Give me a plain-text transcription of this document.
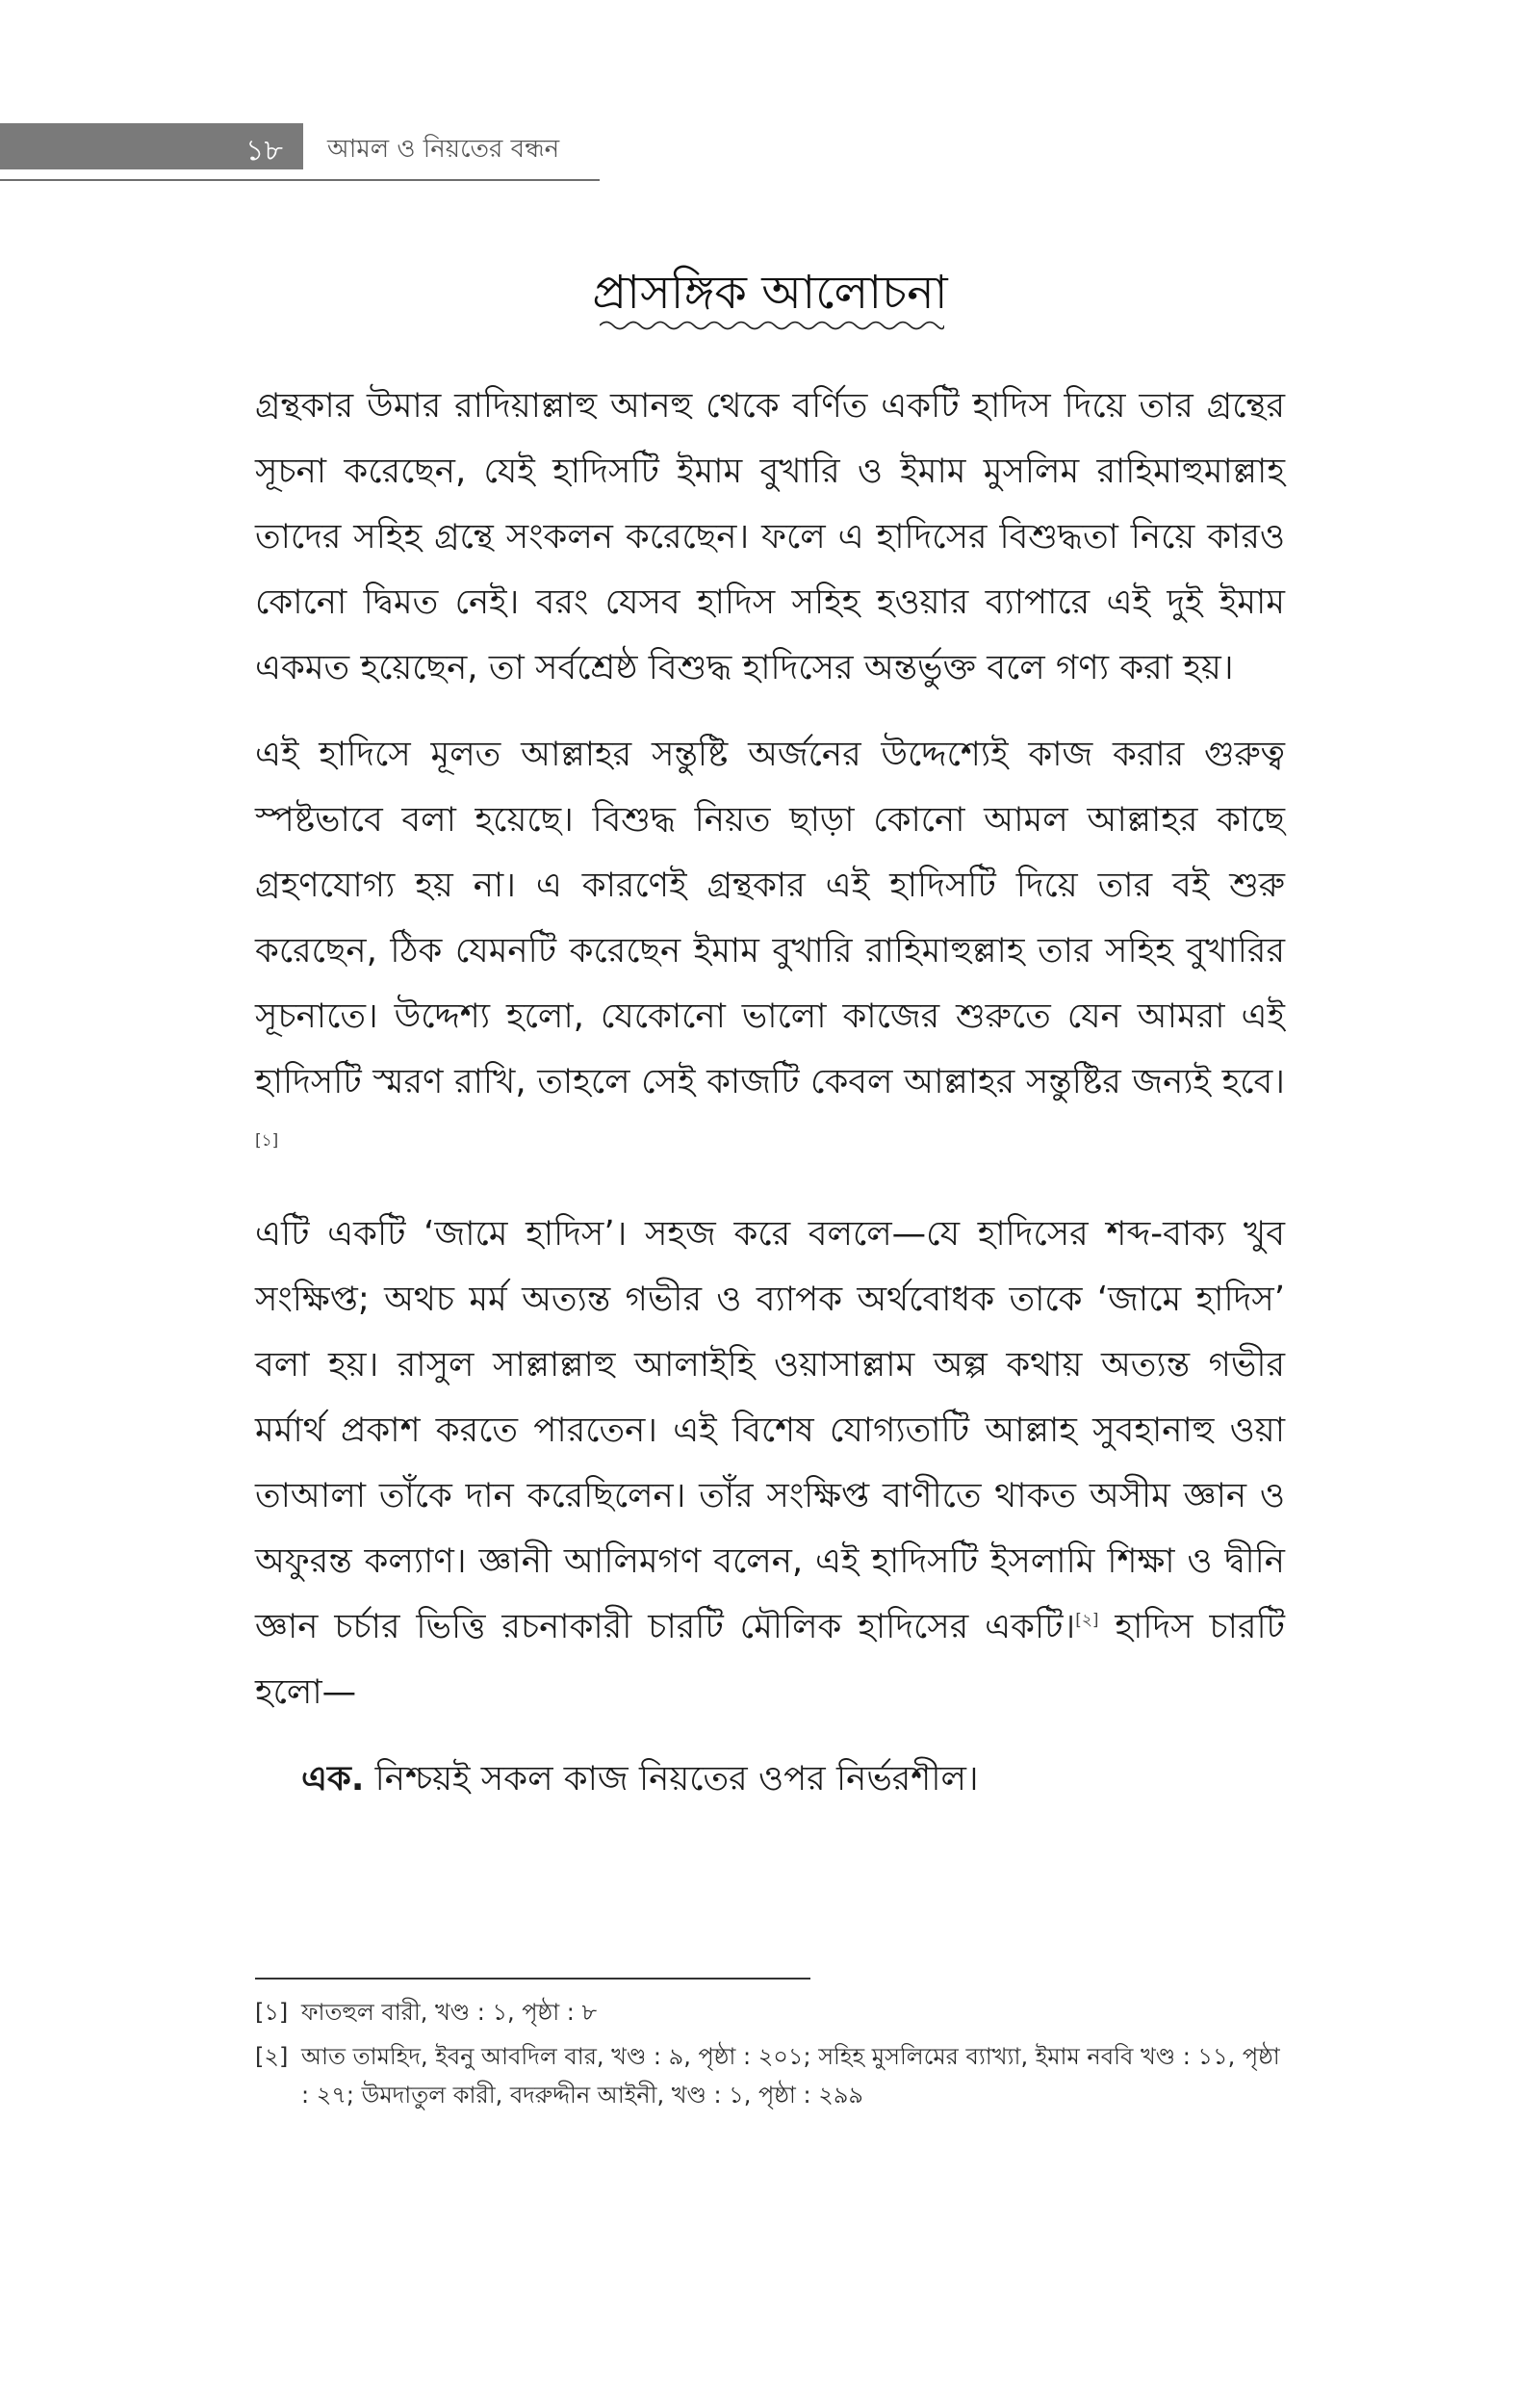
১৮ আমল ও নিয়তের বন্ধন
প্রাসঙ্গিক আলোচনা

গ্রন্থকার উমার রাদিয়াল্লাহু আনহু থেকে বর্ণিত একটি হাদিস দিয়ে তার গ্রন্থের সূচনা করেছেন, যেই হাদিসটি ইমাম বুখারি ও ইমাম মুসলিম রাহিমাহুমাল্লাহ তাদের সহিহ গ্রন্থে সংকলন করেছেন। ফলে এ হাদিসের বিশুদ্ধতা নিয়ে কারও কোনো দ্বিমত নেই। বরং যেসব হাদিস সহিহ হওয়ার ব্যাপারে এই দুই ইমাম একমত হয়েছেন, তা সর্বশ্রেষ্ঠ বিশুদ্ধ হাদিসের অন্তর্ভুক্ত বলে গণ্য করা হয়।

এই হাদিসে মূলত আল্লাহর সন্তুষ্টি অর্জনের উদ্দেশ্যেই কাজ করার গুরুত্ব স্পষ্টভাবে বলা হয়েছে। বিশুদ্ধ নিয়ত ছাড়া কোনো আমল আল্লাহর কাছে গ্রহণযোগ্য হয় না। এ কারণেই গ্রন্থকার এই হাদিসটি দিয়ে তার বই শুরু করেছেন, ঠিক যেমনটি করেছেন ইমাম বুখারি রাহিমাহুল্লাহ তার সহিহ বুখারির সূচনাতে। উদ্দেশ্য হলো, যেকোনো ভালো কাজের শুরুতে যেন আমরা এই হাদিসটি স্মরণ রাখি, তাহলে সেই কাজটি কেবল আল্লাহর সন্তুষ্টির জন্যই হবে।[১]

এটি একটি ‘জামে হাদিস’। সহজ করে বললে—যে হাদিসের শব্দ-বাক্য খুব সংক্ষিপ্ত; অথচ মর্ম অত্যন্ত গভীর ও ব্যাপক অর্থবোধক তাকে ‘জামে হাদিস’ বলা হয়। রাসুল সাল্লাল্লাহু আলাইহি ওয়াসাল্লাম অল্প কথায় অত্যন্ত গভীর মর্মার্থ প্রকাশ করতে পারতেন। এই বিশেষ যোগ্যতাটি আল্লাহ সুবহানাহু ওয়া তাআলা তাঁকে দান করেছিলেন। তাঁর সংক্ষিপ্ত বাণীতে থাকত অসীম জ্ঞান ও অফুরন্ত কল্যাণ। জ্ঞানী আলিমগণ বলেন, এই হাদিসটি ইসলামি শিক্ষা ও দ্বীনি জ্ঞান চর্চার ভিত্তি রচনাকারী চারটি মৌলিক হাদিসের একটি।[২] হাদিস চারটি হলো—

এক. নিশ্চয়ই সকল কাজ নিয়তের ওপর নির্ভরশীল।

[১] ফাতহুল বারী, খণ্ড : ১, পৃষ্ঠা : ৮

[২] আত তামহিদ, ইবনু আবদিল বার, খণ্ড : ৯, পৃষ্ঠা : ২০১; সহিহ মুসলিমের ব্যাখ্যা, ইমাম নববি খণ্ড : ১১, পৃষ্ঠা : ২৭; উমদাতুল কারী, বদরুদ্দীন আইনী, খণ্ড : ১, পৃষ্ঠা : ২৯৯
